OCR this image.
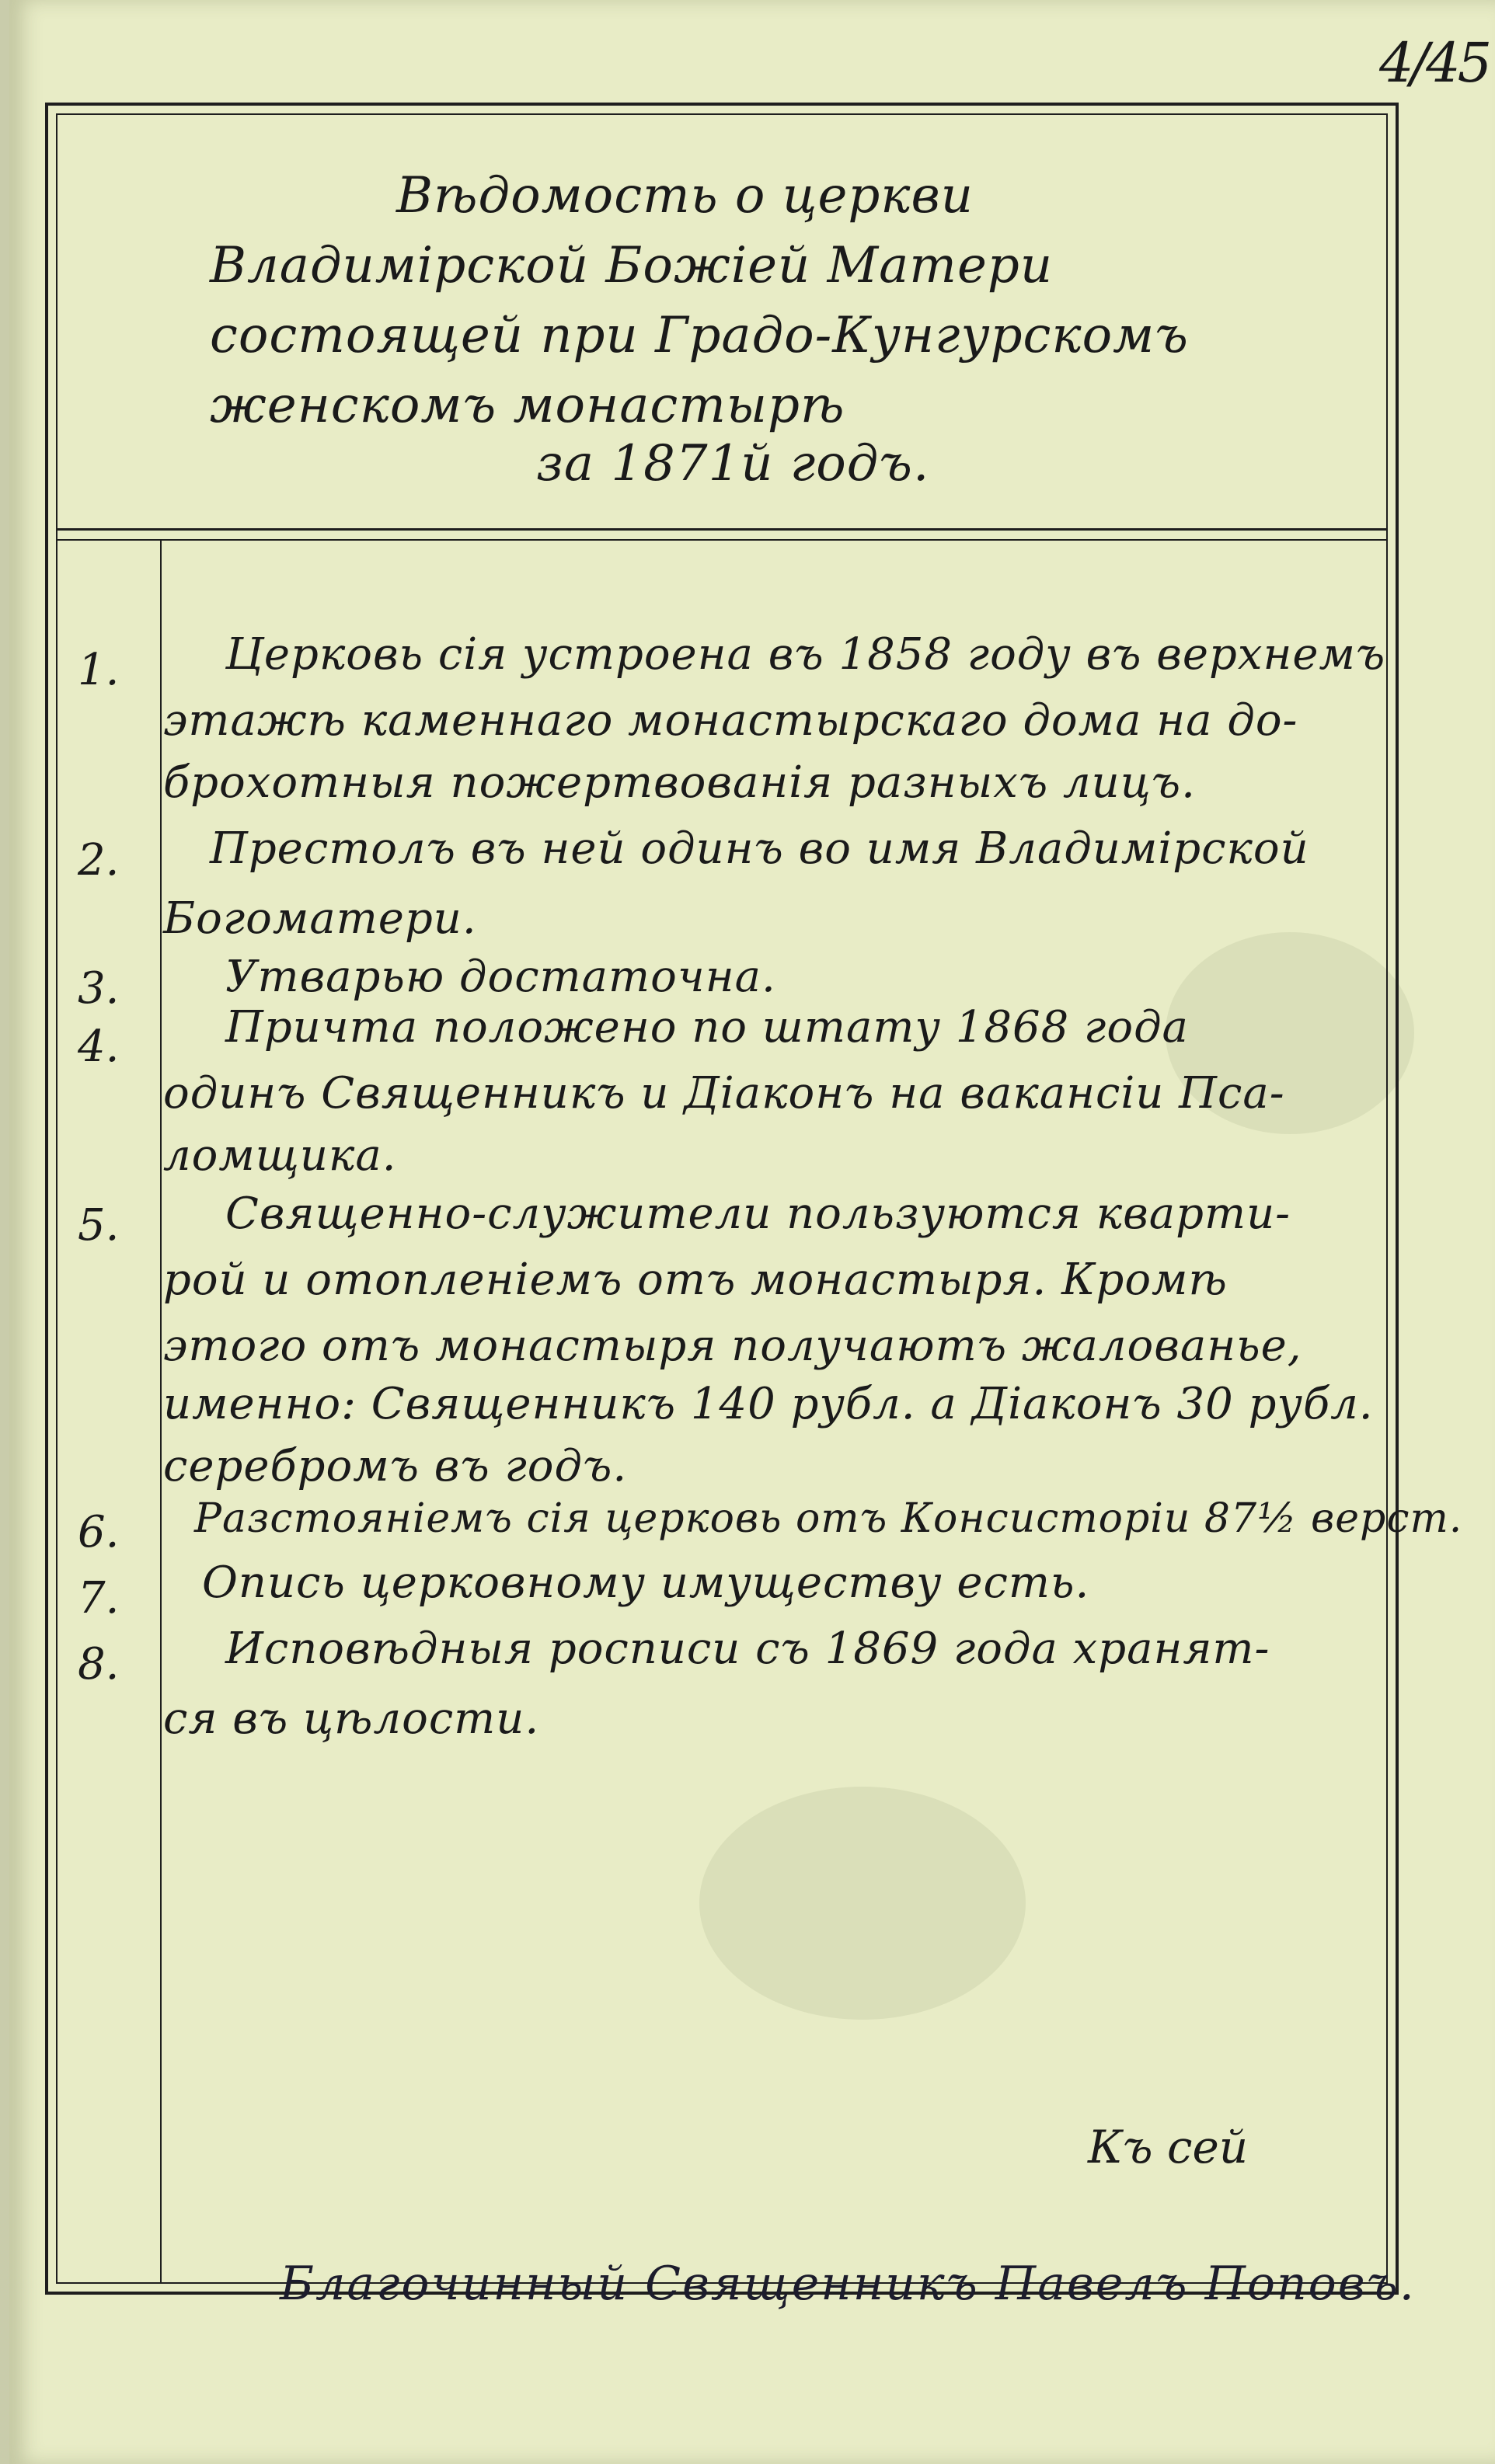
4/45
Вѣдомость о церкви
Владимірской Божіей Матери
состоящей при Градо-Кунгурскомъ
женскомъ монастырѣ
за 1871й годъ.
1. Церковь сія устроена въ 1858 году въ верхнемъ
этажѣ каменнаго монастырскаго дома на до-
брохотныя пожертвованія разныхъ лицъ.
2. Престолъ въ ней одинъ во имя Владимірской
Богоматери.
3. Утварью достаточна.
4. Причта положено по штату 1868 года
одинъ Священникъ и Діаконъ на вакансіи Пса-
ломщика.
5. Священно-служители пользуются кварти-
рой и отопленіемъ отъ монастыря. Кромѣ
этого отъ монастыря получаютъ жалованье,
именно: Священникъ 140 рубл. а Діаконъ 30 рубл.
серебромъ въ годъ.
6.	Разстояніемъ сія церковь отъ Консисторіи 87½ верст.
7. Опись церковному имуществу есть.
8. Исповѣдныя росписи съ 1869 года хранят-
ся въ цѣлости.
Къ сей
Благочинный Священникъ Павелъ Поповъ.
